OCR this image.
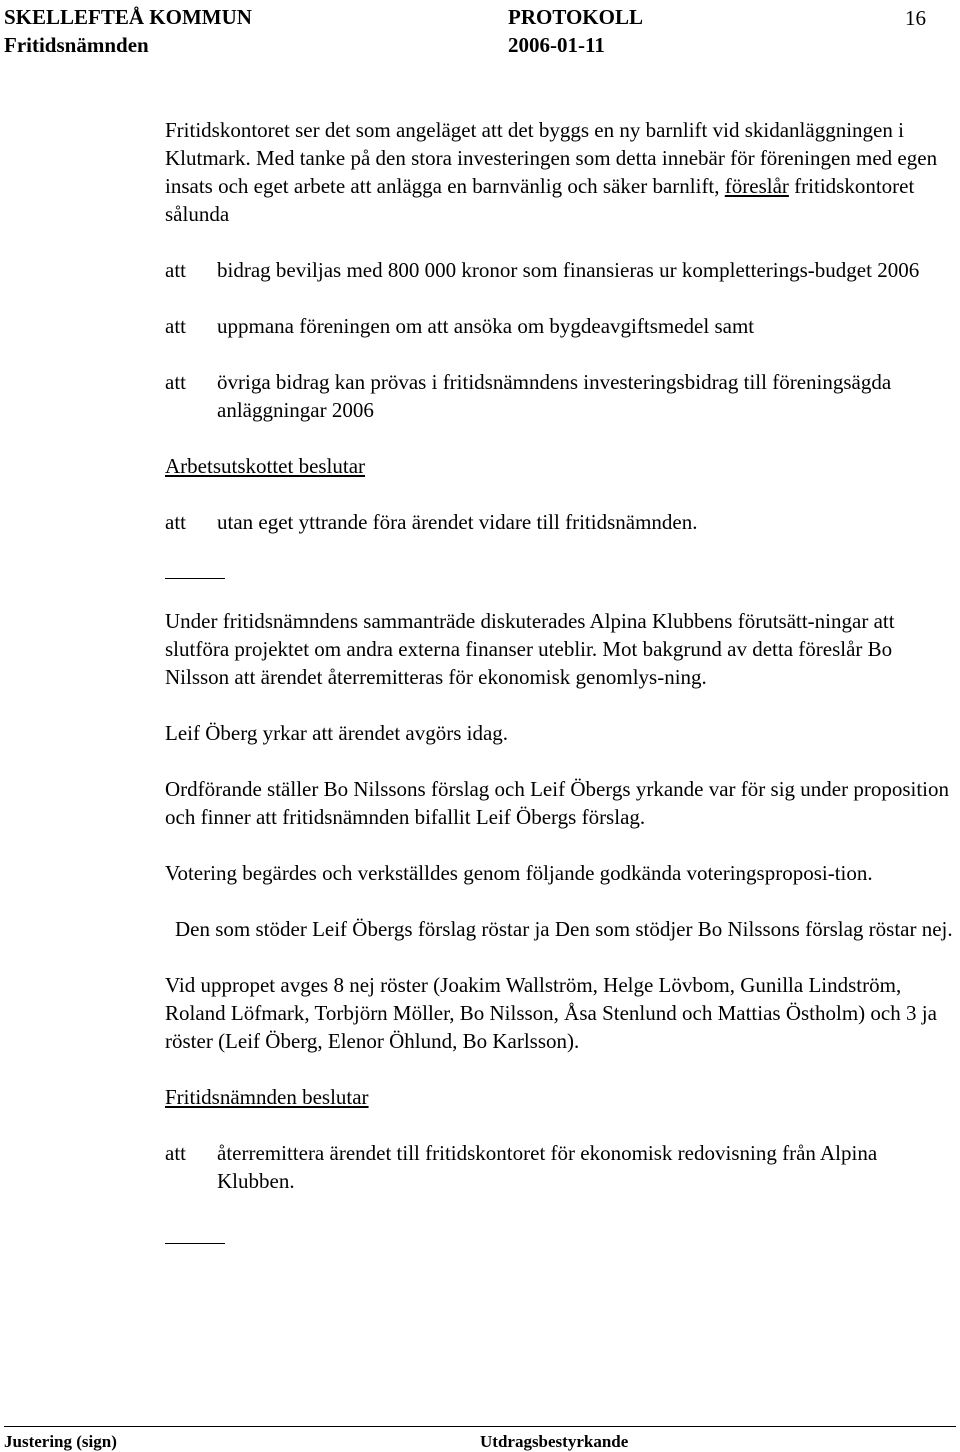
SKELLEFTEÅ KOMMUN	PROTOKOLL	16
Fritidsnämnden	2006-01-11

Fritidskontoret ser det som angeläget att det byggs en ny barnlift vid skidanläggningen i Klutmark. Med tanke på den stora investeringen som detta innebär för föreningen med egen insats och eget arbete att anlägga en barnvänlig och säker barnlift, föreslår fritidskontoret sålunda

att	bidrag beviljas med 800 000 kronor som finansieras ur kompletterings-budget 2006
att	uppmana föreningen om att ansöka om bygdeavgiftsmedel samt
att	övriga bidrag kan prövas i fritidsnämndens investeringsbidrag till föreningsägda anläggningar 2006

Arbetsutskottet beslutar

att	utan eget yttrande föra ärendet vidare till fritidsnämnden.

Under fritidsnämndens sammanträde diskuterades Alpina Klubbens förutsätt-ningar att slutföra projektet om andra externa finanser uteblir. Mot bakgrund av detta föreslår Bo Nilsson att ärendet återremitteras för ekonomisk genomlys-ning.

Leif Öberg yrkar att ärendet avgörs idag.

Ordförande ställer Bo Nilssons förslag och Leif Öbergs yrkande var för sig under proposition och finner att fritidsnämnden bifallit Leif Öbergs förslag.

Votering begärdes och verkställdes genom följande godkända voteringsproposi-tion.

Den som stöder Leif Öbergs förslag röstar ja Den som stödjer Bo Nilssons förslag röstar nej.

Vid uppropet avges 8 nej röster (Joakim Wallström, Helge Lövbom, Gunilla Lindström, Roland Löfmark, Torbjörn Möller, Bo Nilsson, Åsa Stenlund och Mattias Östholm) och 3 ja röster (Leif Öberg, Elenor Öhlund, Bo Karlsson).

Fritidsnämnden beslutar

att	återremittera ärendet till fritidskontoret för ekonomisk redovisning från Alpina Klubben.
Justering (sign)	Utdragsbestyrkande
